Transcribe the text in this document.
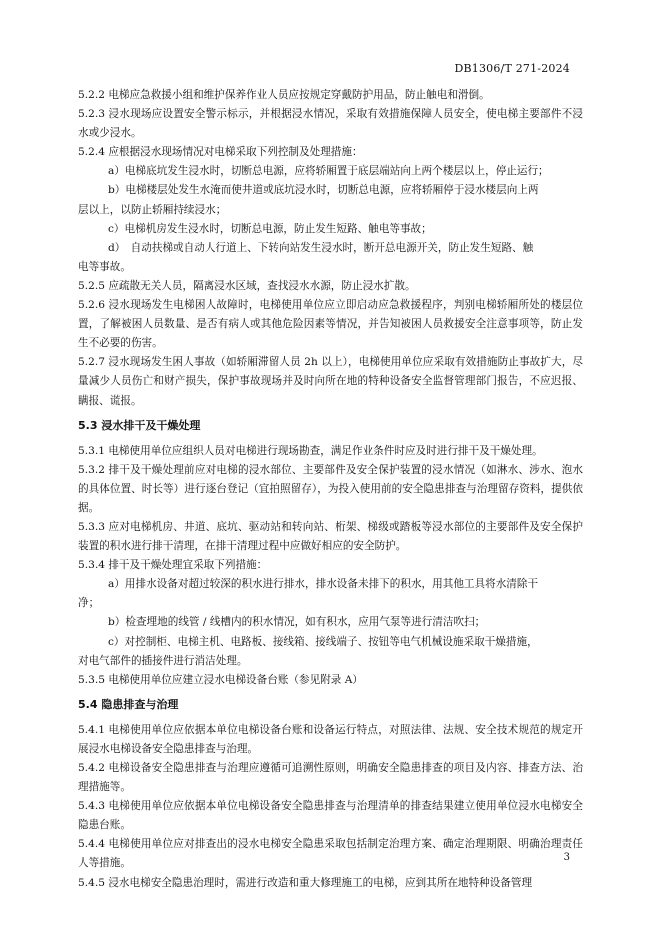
DB1306/T 271-2024

5.2.2 电梯应急救援小组和维护保养作业人员应按规定穿戴防护用品，防止触电和滑倒。

5.2.3 浸水现场应设置安全警示标示，并根据浸水情况，采取有效措施保障人员安全，使电梯主要部件不浸水或少浸水。

5.2.4 应根据浸水现场情况对电梯采取下列控制及处理措施：

a）电梯底坑发生浸水时，切断总电源，应将轿厢置于底层端站向上两个楼层以上，停止运行；

b）电梯楼层处发生水淹而使井道或底坑浸水时，切断总电源，应将轿厢停于浸水楼层向上两

层以上，以防止轿厢持续浸水；

c）电梯机房发生浸水时，切断总电源，防止发生短路、触电等事故；

d）　自动扶梯或自动人行道上、下转向站发生浸水时，断开总电源开关，防止发生短路、触

电等事故。

5.2.5 应疏散无关人员，隔离浸水区域，查找浸水水源，防止浸水扩散。

5.2.6 浸水现场发生电梯困人故障时，电梯使用单位应立即启动应急救援程序，判别电梯轿厢所处的楼层位置，了解被困人员数量、是否有病人或其他危险因素等情况，并告知被困人员救援安全注意事项等，防止发生不必要的伤害。

5.2.7 浸水现场发生困人事故（如轿厢滞留人员 2h 以上），电梯使用单位应采取有效措施防止事故扩大，尽量减少人员伤亡和财产损失，保护事故现场并及时向所在地的特种设备安全监督管理部门报告，不应迟报、瞒报、谎报。

5.3 浸水排干及干燥处理

5.3.1 电梯使用单位应组织人员对电梯进行现场勘查，满足作业条件时应及时进行排干及干燥处理。

5.3.2 排干及干燥处理前应对电梯的浸水部位、主要部件及安全保护装置的浸水情况（如淋水、涉水、泡水的具体位置、时长等）进行逐台登记（宜拍照留存），为投入使用前的安全隐患排查与治理留存资料，提供依据。

5.3.3 应对电梯机房、井道、底坑、驱动站和转向站、桁架、梯级或踏板等浸水部位的主要部件及安全保护装置的积水进行排干清理，在排干清理过程中应做好相应的安全防护。

5.3.4 排干及干燥处理宜采取下列措施：

a）用排水设备对超过较深的积水进行排水，排水设备未排下的积水，用其他工具将水清除干

净；

b）检查埋地的线管 / 线槽内的积水情况，如有积水，应用气泵等进行清洁吹扫；

c）对控制柜、电梯主机、电路板、接线箱、接线端子、按钮等电气机械设施采取干燥措施，

对电气部件的插接件进行消洁处理。

5.3.5 电梯使用单位应建立浸水电梯设备台账（参见附录 A）

5.4 隐患排查与治理

5.4.1 电梯使用单位应依据本单位电梯设备台账和设备运行特点，对照法律、法规、安全技术规范的规定开展浸水电梯设备安全隐患排查与治理。

5.4.2 电梯设备安全隐患排查与治理应遵循可追溯性原则，明确安全隐患排查的项目及内容、排查方法、治理措施等。

5.4.3 电梯使用单位应依据本单位电梯设备安全隐患排查与治理清单的排查结果建立使用单位浸水电梯安全隐患台账。

5.4.4 电梯使用单位应对排查出的浸水电梯安全隐患采取包括制定治理方案、确定治理期限、明确治理责任人等措施。

5.4.5 浸水电梯安全隐患治理时，需进行改造和重大修理施工的电梯，应到其所在地特种设备管理

3
